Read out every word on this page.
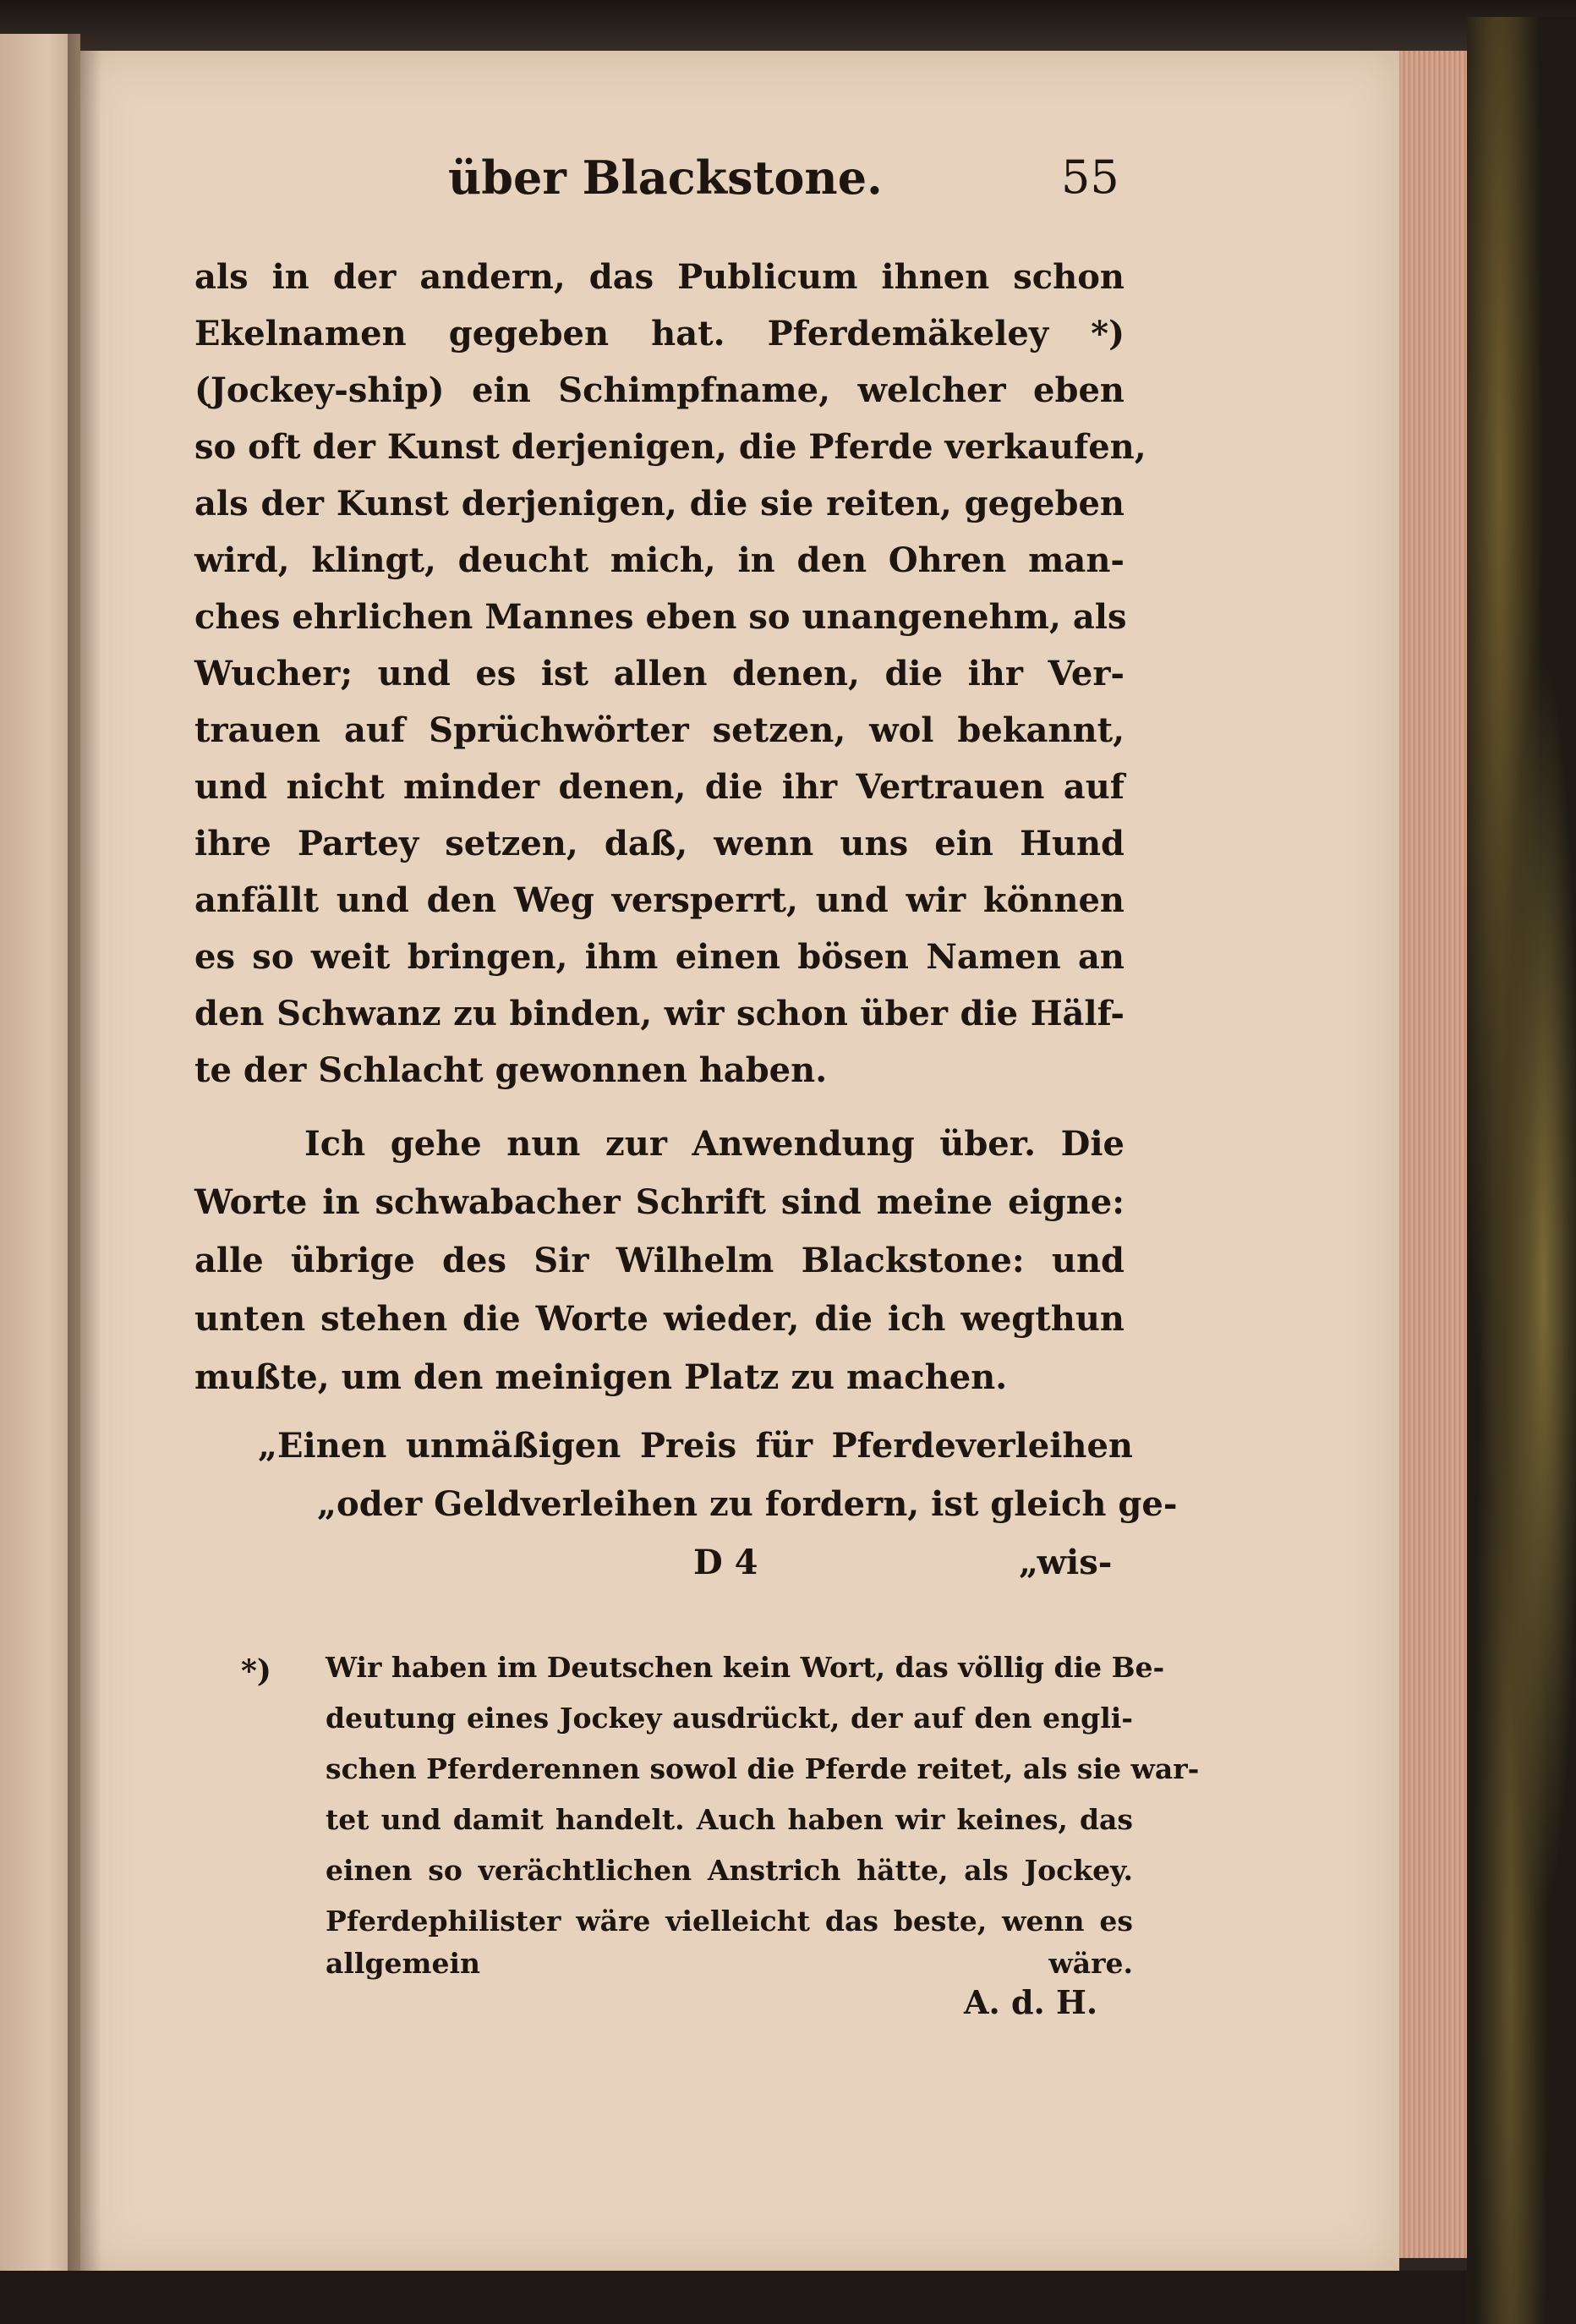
über Blackstone.	55
als in der andern, das Publicum ihnen schon
Ekelnamen gegeben hat. Pferdemäkeley *)
(Jockey-ship) ein Schimpfname, welcher eben
so oft der Kunst derjenigen, die Pferde verkaufen,
als der Kunst derjenigen, die sie reiten, gegeben
wird, klingt, deucht mich, in den Ohren man-
ches ehrlichen Mannes eben so unangenehm, als
Wucher; und es ist allen denen, die ihr Ver-
trauen auf Sprüchwörter setzen, wol bekannt,
und nicht minder denen, die ihr Vertrauen auf
ihre Partey setzen, daß, wenn uns ein Hund
anfällt und den Weg versperrt, und wir können
es so weit bringen, ihm einen bösen Namen an
den Schwanz zu binden, wir schon über die Hälf-
te der Schlacht gewonnen haben.
Ich gehe nun zur Anwendung über. Die
Worte in schwabacher Schrift sind meine eigne:
alle übrige des Sir Wilhelm Blackstone: und
unten stehen die Worte wieder, die ich wegthun
mußte, um den meinigen Platz zu machen.
„Einen unmäßigen Preis für Pferdeverleihen
„oder Geldverleihen zu fordern, ist gleich ge-
D 4	„wis-
*) Wir haben im Deutschen kein Wort, das völlig die Be-
deutung eines Jockey ausdrückt, der auf den engli-
schen Pferderennen sowol die Pferde reitet, als sie war-
tet und damit handelt. Auch haben wir keines, das
einen so verächtlichen Anstrich hätte, als Jockey.
Pferdephilister wäre vielleicht das beste, wenn es
allgemein wäre.
A. d. H.
